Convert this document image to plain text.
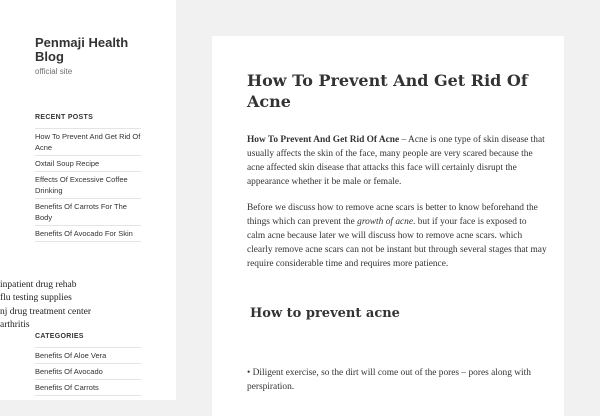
Penmaji Health Blog
official site
RECENT POSTS
How To Prevent And Get Rid Of Acne
Oxtail Soup Recipe
Effects Of Excessive Coffee Drinking
Benefits Of Carrots For The Body
Benefits Of Avocado For Skin
CATEGORIES
Benefits Of Aloe Vera
Benefits Of Avocado
Benefits Of Carrots
inpatient drug rehab
flu testing supplies
nj drug treatment center
arthritis
How To Prevent And Get Rid Of Acne

How To Prevent And Get Rid Of Acne – Acne is one type of skin disease that usually affects the skin of the face, many people are very scared because the acne affected skin disease that attacks this face will certainly disrupt the appearance whether it be male or female.

Before we discuss how to remove acne scars is better to know beforehand the things which can prevent the growth of acne. but if your face is exposed to calm acne because later we will discuss how to remove acne scars. which clearly remove acne scars can not be instant but through several stages that may require considerable time and requires more patience.

How to prevent acne

• Diligent exercise, so the dirt will come out of the pores – pores along with perspiration.
